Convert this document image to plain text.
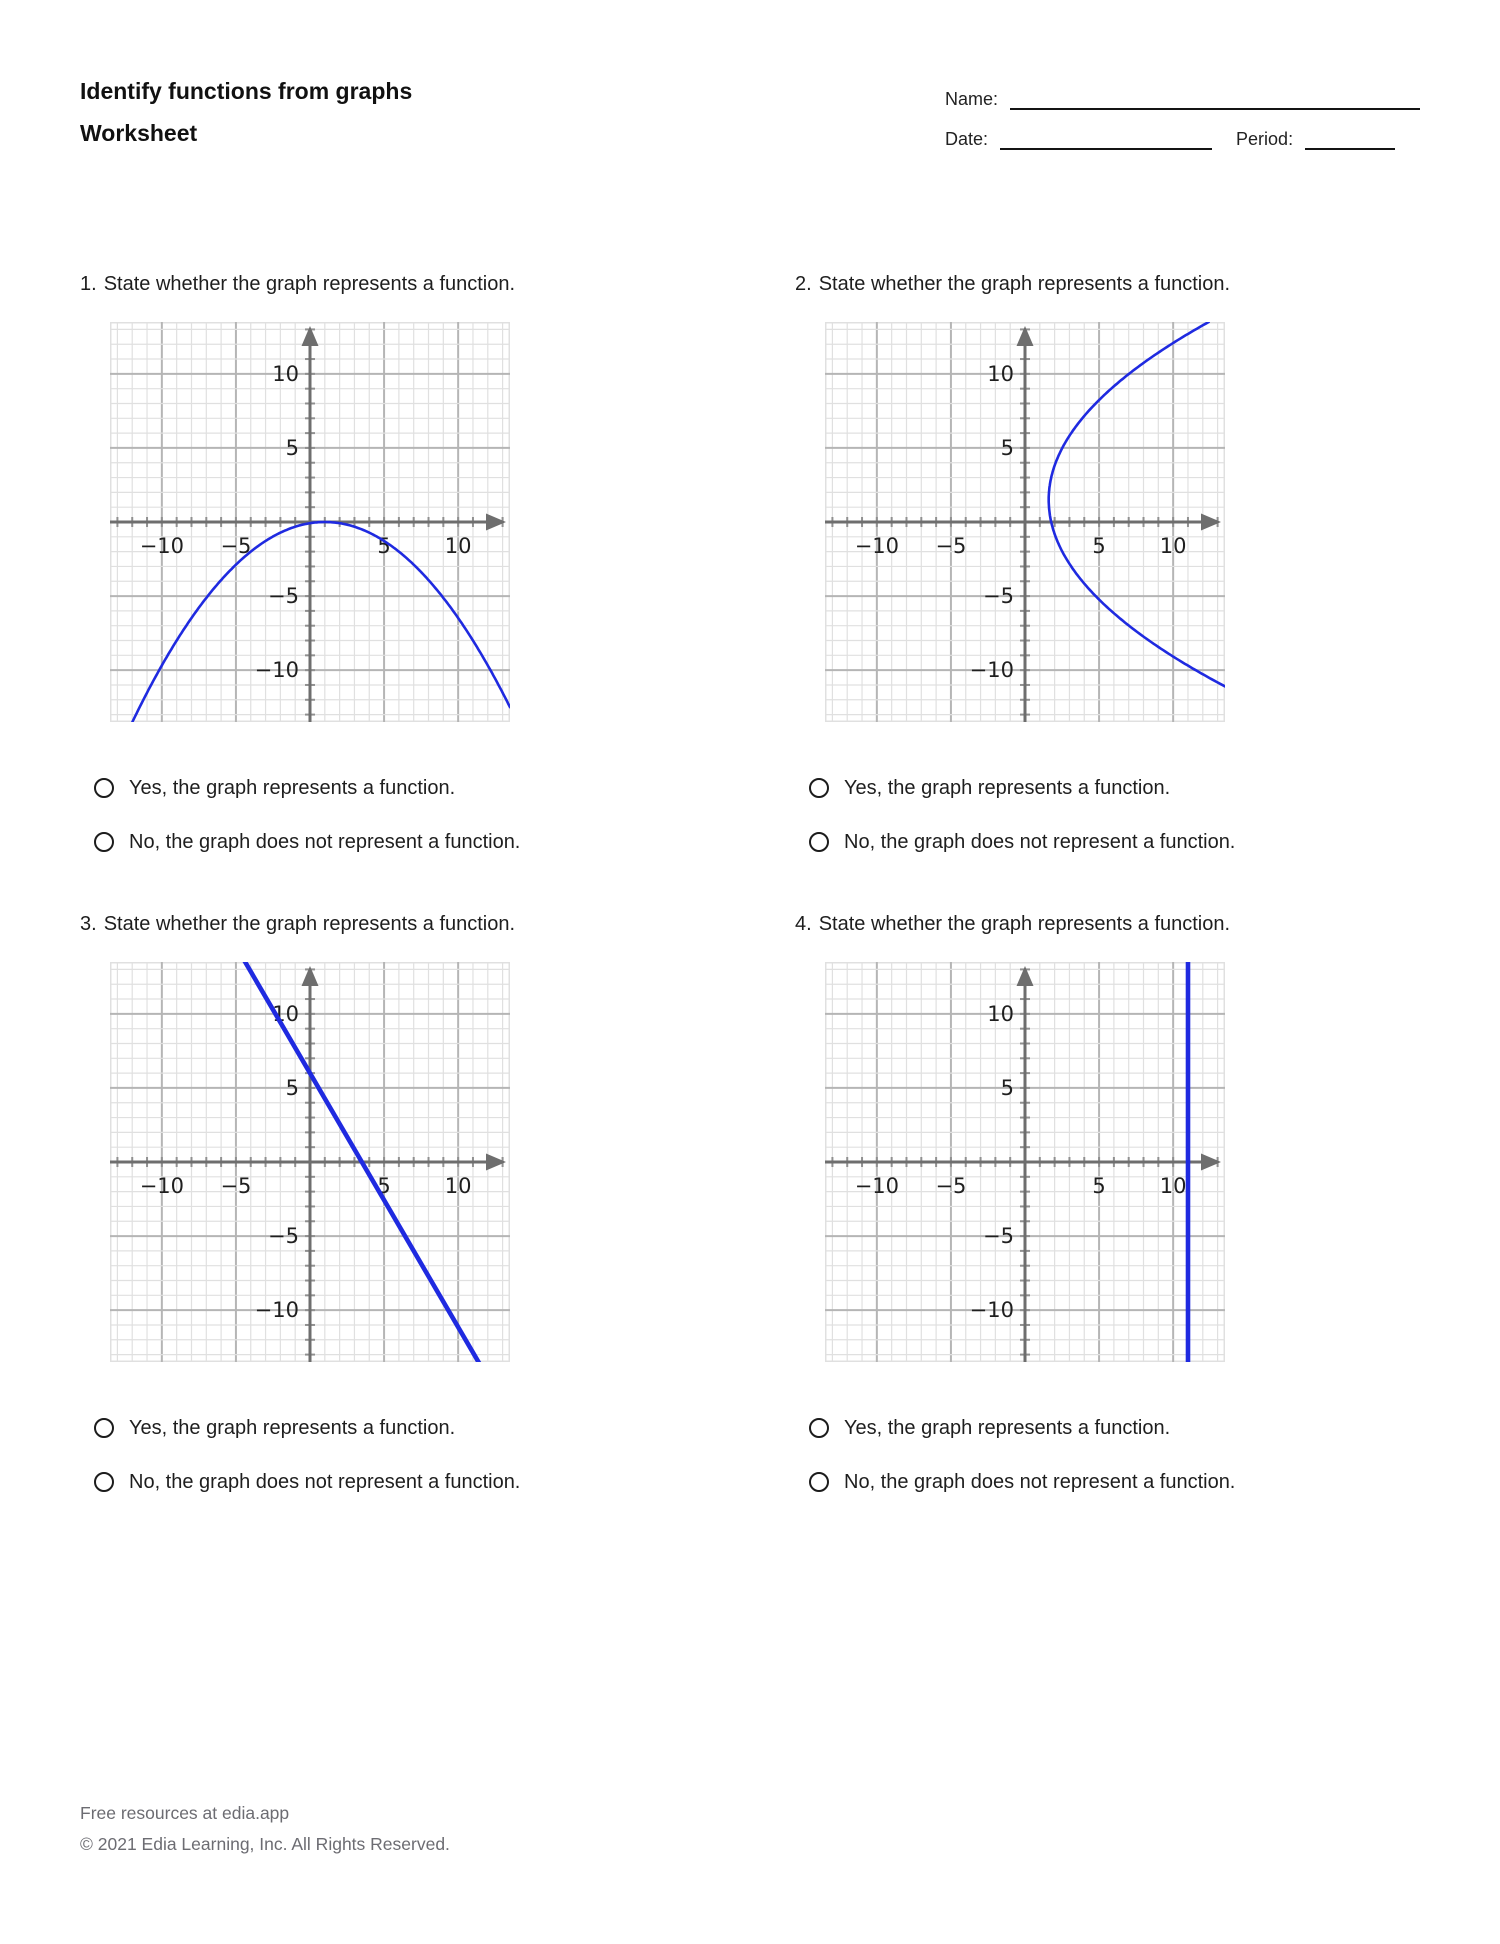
Identify functions from graphs
Worksheet
Name:
Date:	Period:
1. State whether the graph represents a function.
−10 −5	5	10
10
5
−5
−10
Yes, the graph represents a function.
No, the graph does not represent a function.
2. State whether the graph represents a function.
−10 −5	5	10
10
5
−5
−10
Yes, the graph represents a function.
No, the graph does not represent a function.
3. State whether the graph represents a function.
−10 −5	5	10
10
5
−5
−10
Yes, the graph represents a function.
No, the graph does not represent a function.
4. State whether the graph represents a function.
−10 −5	5	10
10
5
−5
−10
Yes, the graph represents a function.
No, the graph does not represent a function.
Free resources at edia.app
© 2021 Edia Learning, Inc. All Rights Reserved.
